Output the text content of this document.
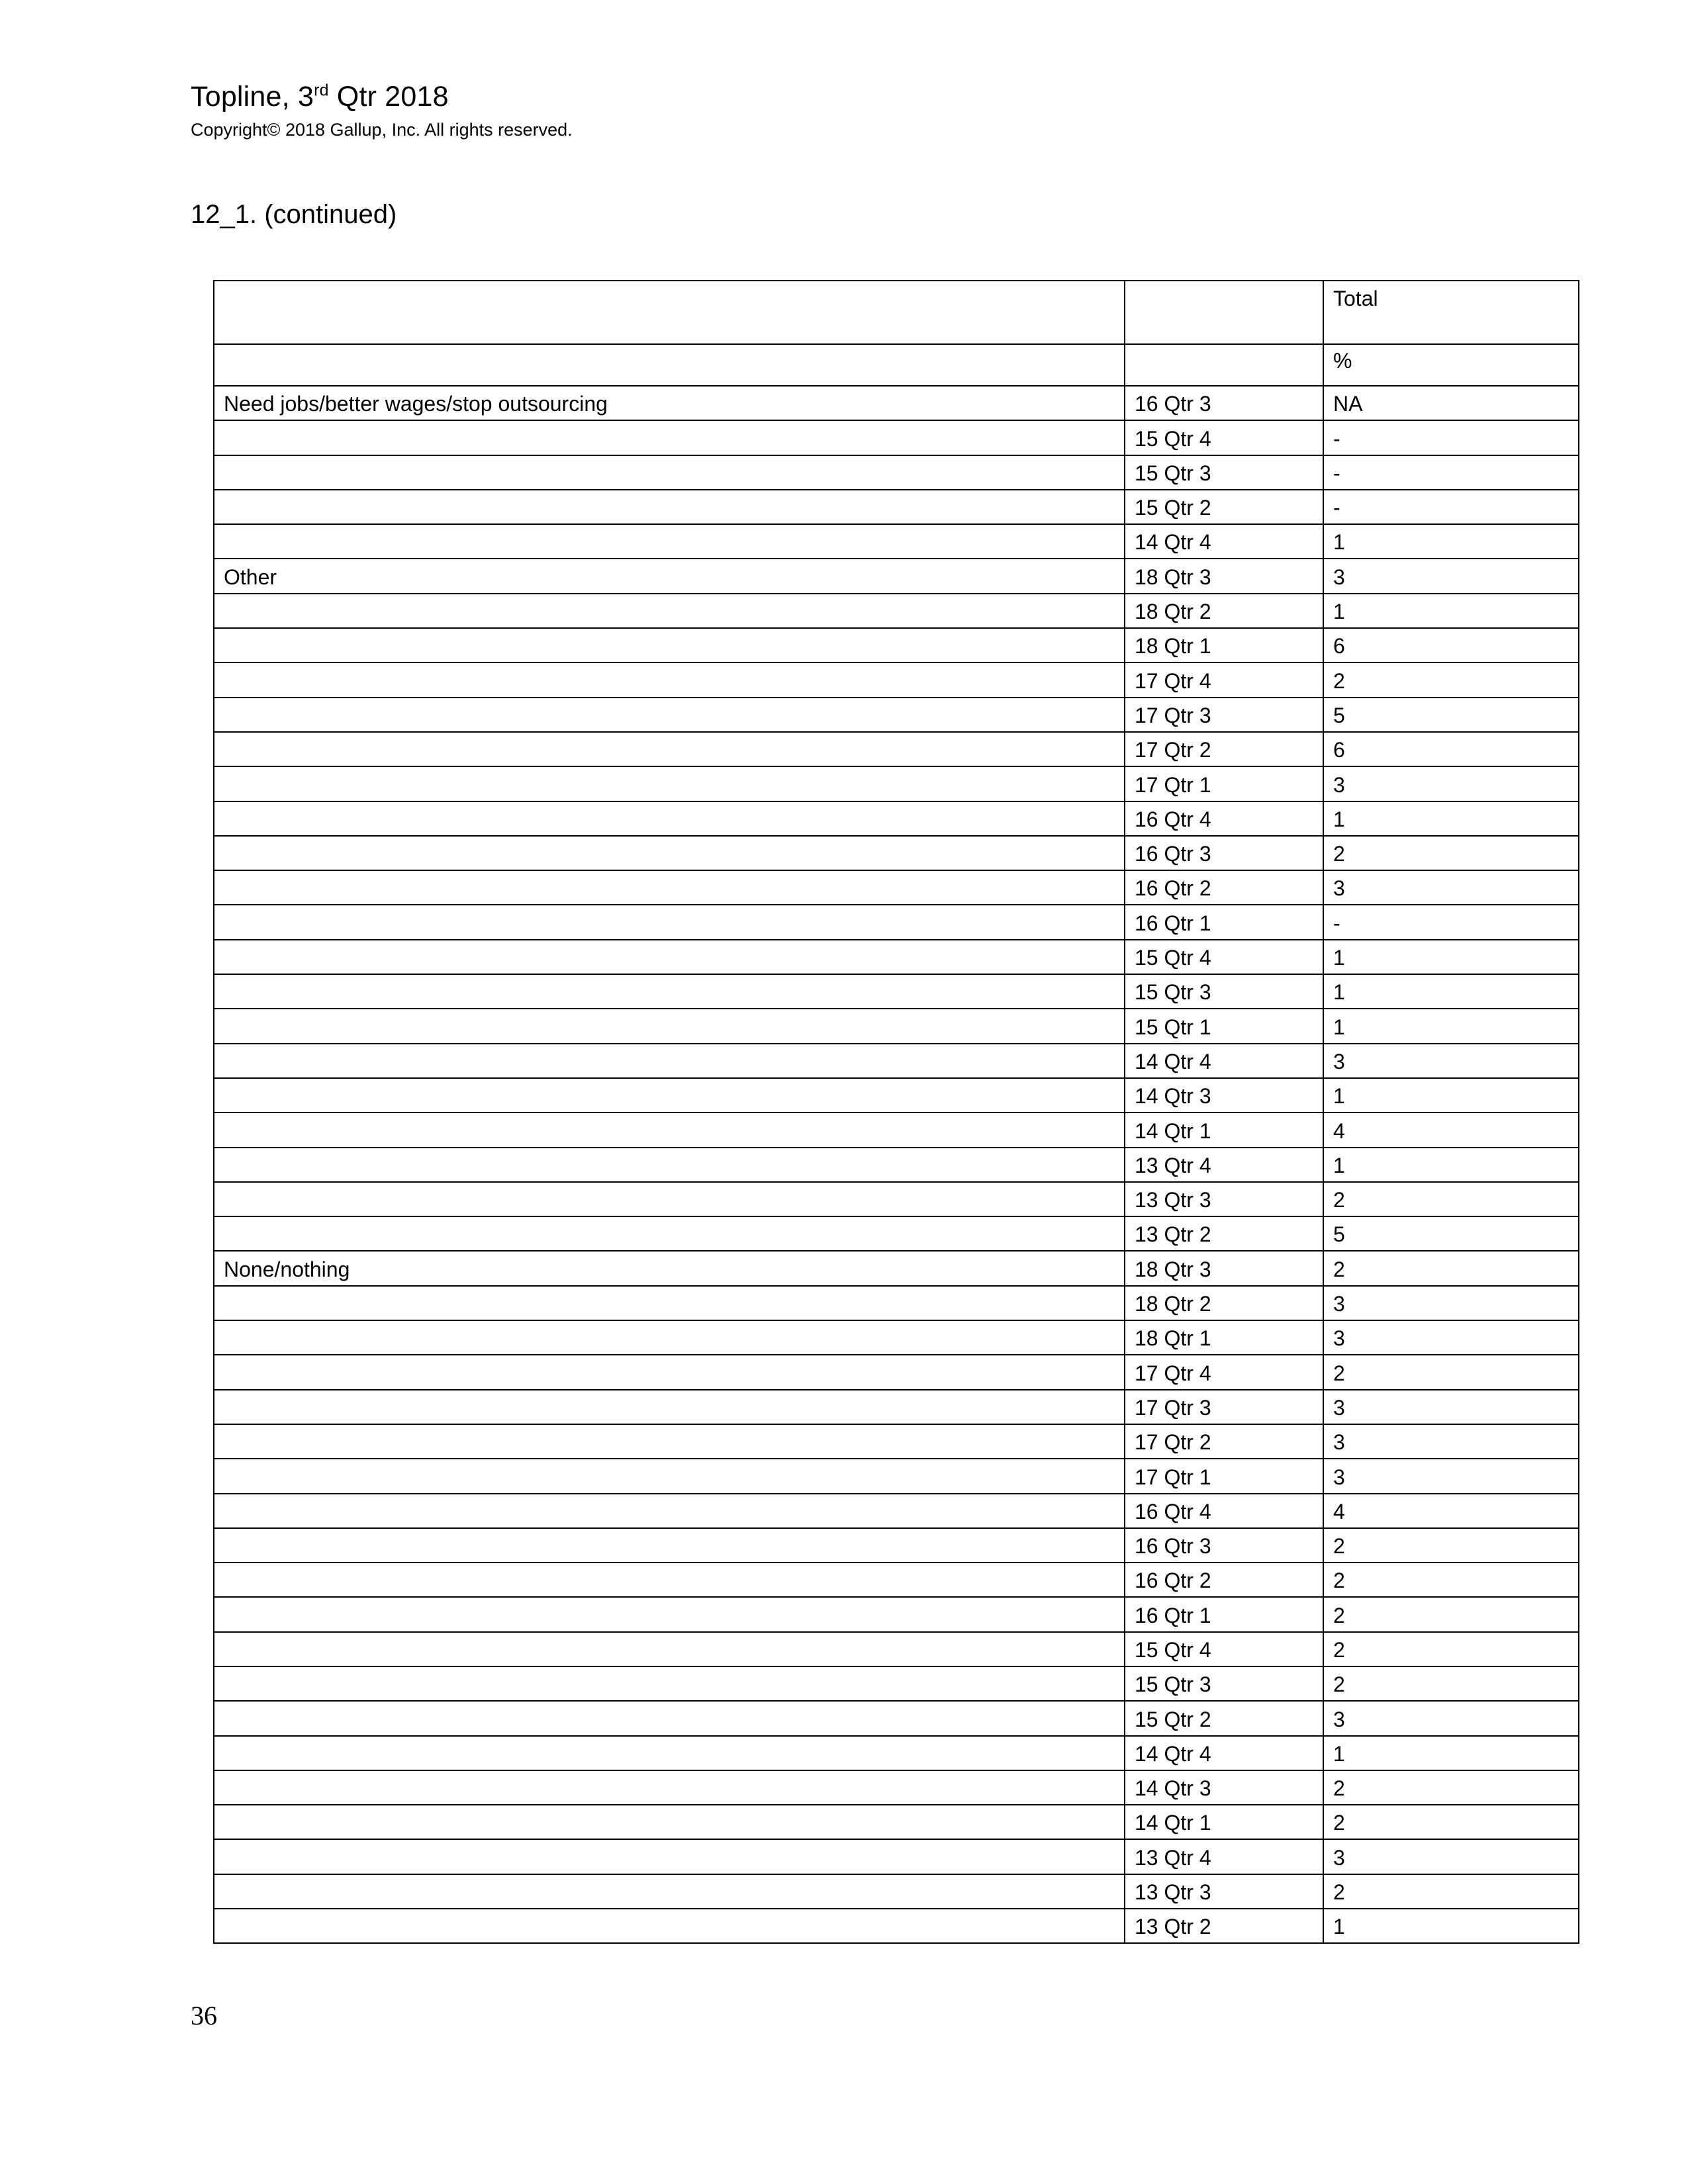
Topline, 3rd Qtr 2018
Copyright© 2018 Gallup, Inc. All rights reserved.
12_1. (continued)
		Total
		%
Need jobs/better wages/stop outsourcing	16 Qtr 3	NA
	15 Qtr 4	-
	15 Qtr 3	-
	15 Qtr 2	-
	14 Qtr 4	1
Other	18 Qtr 3	3
	18 Qtr 2	1
	18 Qtr 1	6
	17 Qtr 4	2
	17 Qtr 3	5
	17 Qtr 2	6
	17 Qtr 1	3
	16 Qtr 4	1
	16 Qtr 3	2
	16 Qtr 2	3
	16 Qtr 1	-
	15 Qtr 4	1
	15 Qtr 3	1
	15 Qtr 1	1
	14 Qtr 4	3
	14 Qtr 3	1
	14 Qtr 1	4
	13 Qtr 4	1
	13 Qtr 3	2
	13 Qtr 2	5
None/nothing	18 Qtr 3	2
	18 Qtr 2	3
	18 Qtr 1	3
	17 Qtr 4	2
	17 Qtr 3	3
	17 Qtr 2	3
	17 Qtr 1	3
	16 Qtr 4	4
	16 Qtr 3	2
	16 Qtr 2	2
	16 Qtr 1	2
	15 Qtr 4	2
	15 Qtr 3	2
	15 Qtr 2	3
	14 Qtr 4	1
	14 Qtr 3	2
	14 Qtr 1	2
	13 Qtr 4	3
	13 Qtr 3	2
	13 Qtr 2	1
36
